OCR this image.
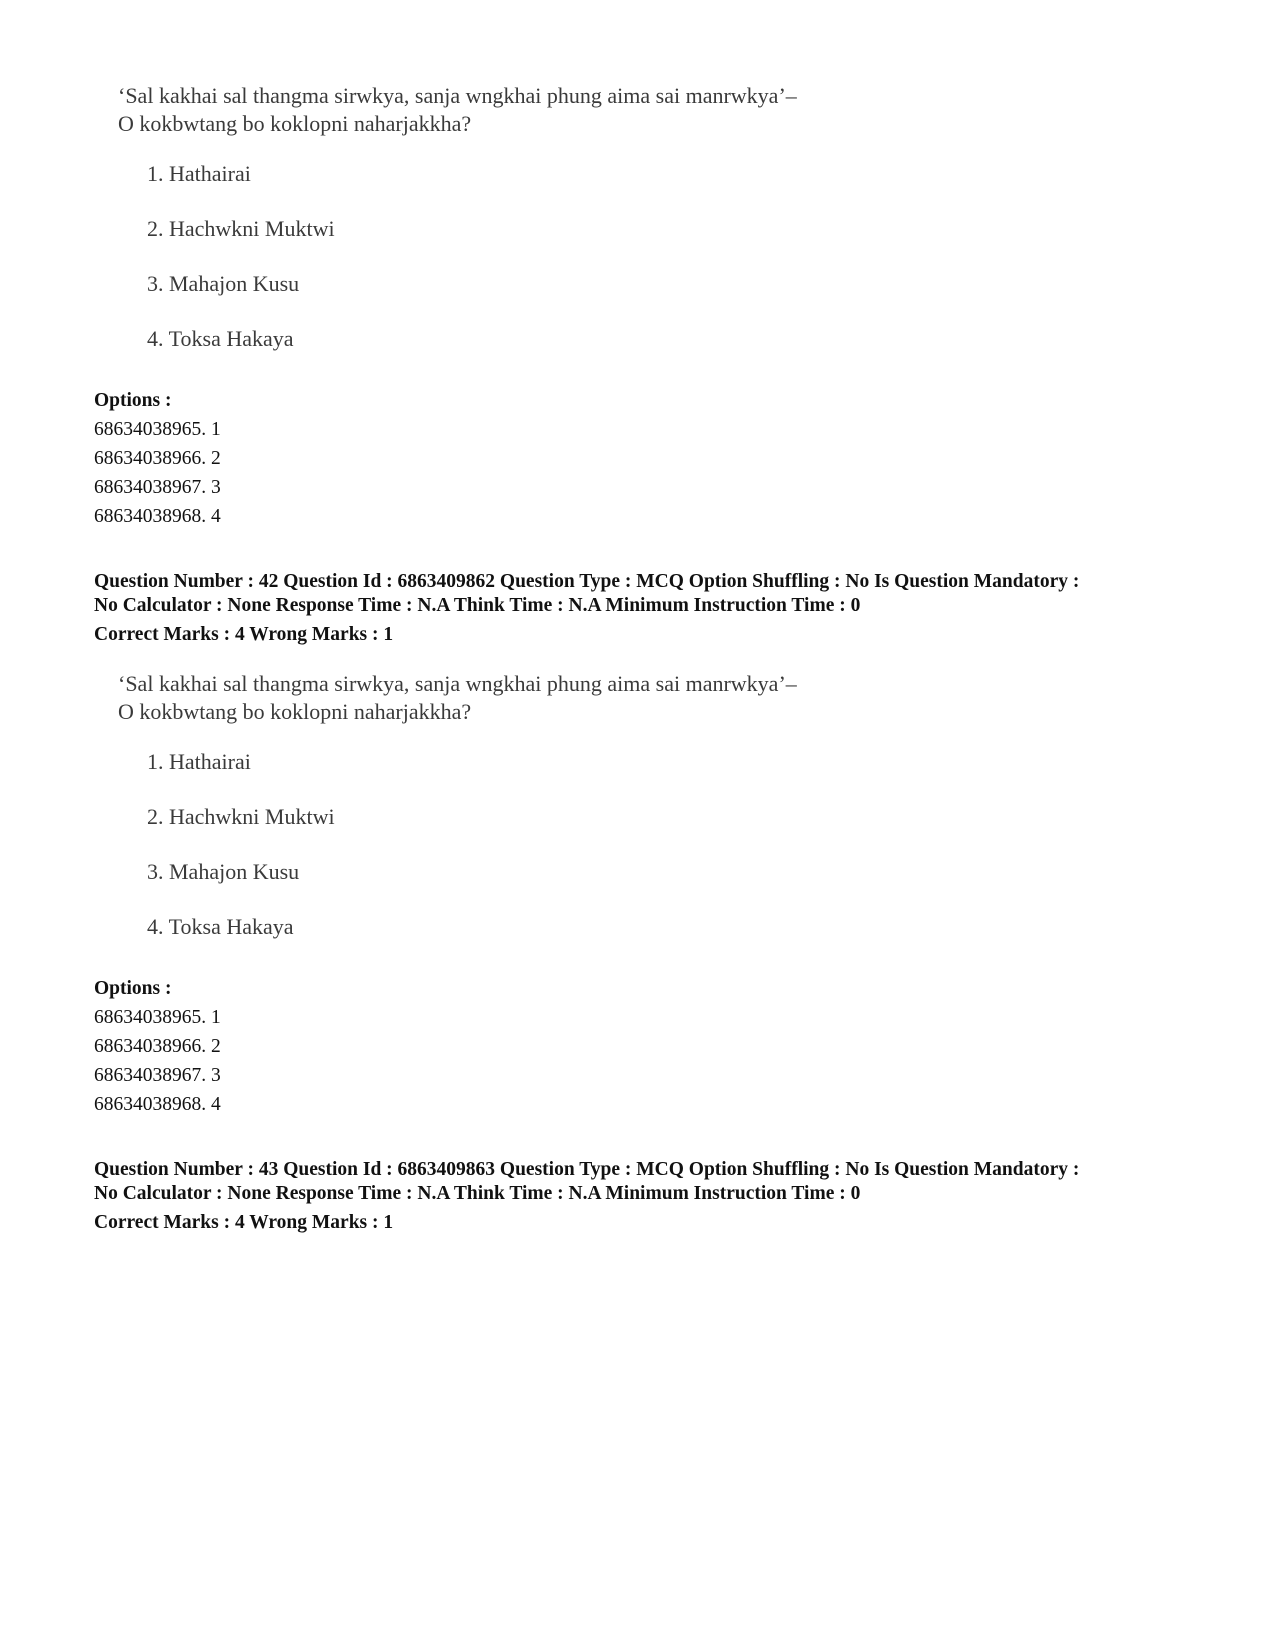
‘Sal kakhai sal thangma sirwkya, sanja wngkhai phung aima sai manrwkya’–

O kokbwtang bo koklopni naharjakkha?

1. Hathairai
2. Hachwkni Muktwi
3. Mahajon Kusu
4. Toksa Hakaya
Options :
68634038965. 1
68634038966. 2
68634038967. 3
68634038968. 4
Question Number : 42 Question Id : 6863409862 Question Type : MCQ Option Shuffling : No Is Question Mandatory :
No Calculator : None Response Time : N.A Think Time : N.A Minimum Instruction Time : 0
Correct Marks : 4 Wrong Marks : 1

‘Sal kakhai sal thangma sirwkya, sanja wngkhai phung aima sai manrwkya’–

O kokbwtang bo koklopni naharjakkha?

1. Hathairai
2. Hachwkni Muktwi
3. Mahajon Kusu
4. Toksa Hakaya
Options :
68634038965. 1
68634038966. 2
68634038967. 3
68634038968. 4
Question Number : 43 Question Id : 6863409863 Question Type : MCQ Option Shuffling : No Is Question Mandatory :
No Calculator : None Response Time : N.A Think Time : N.A Minimum Instruction Time : 0
Correct Marks : 4 Wrong Marks : 1
